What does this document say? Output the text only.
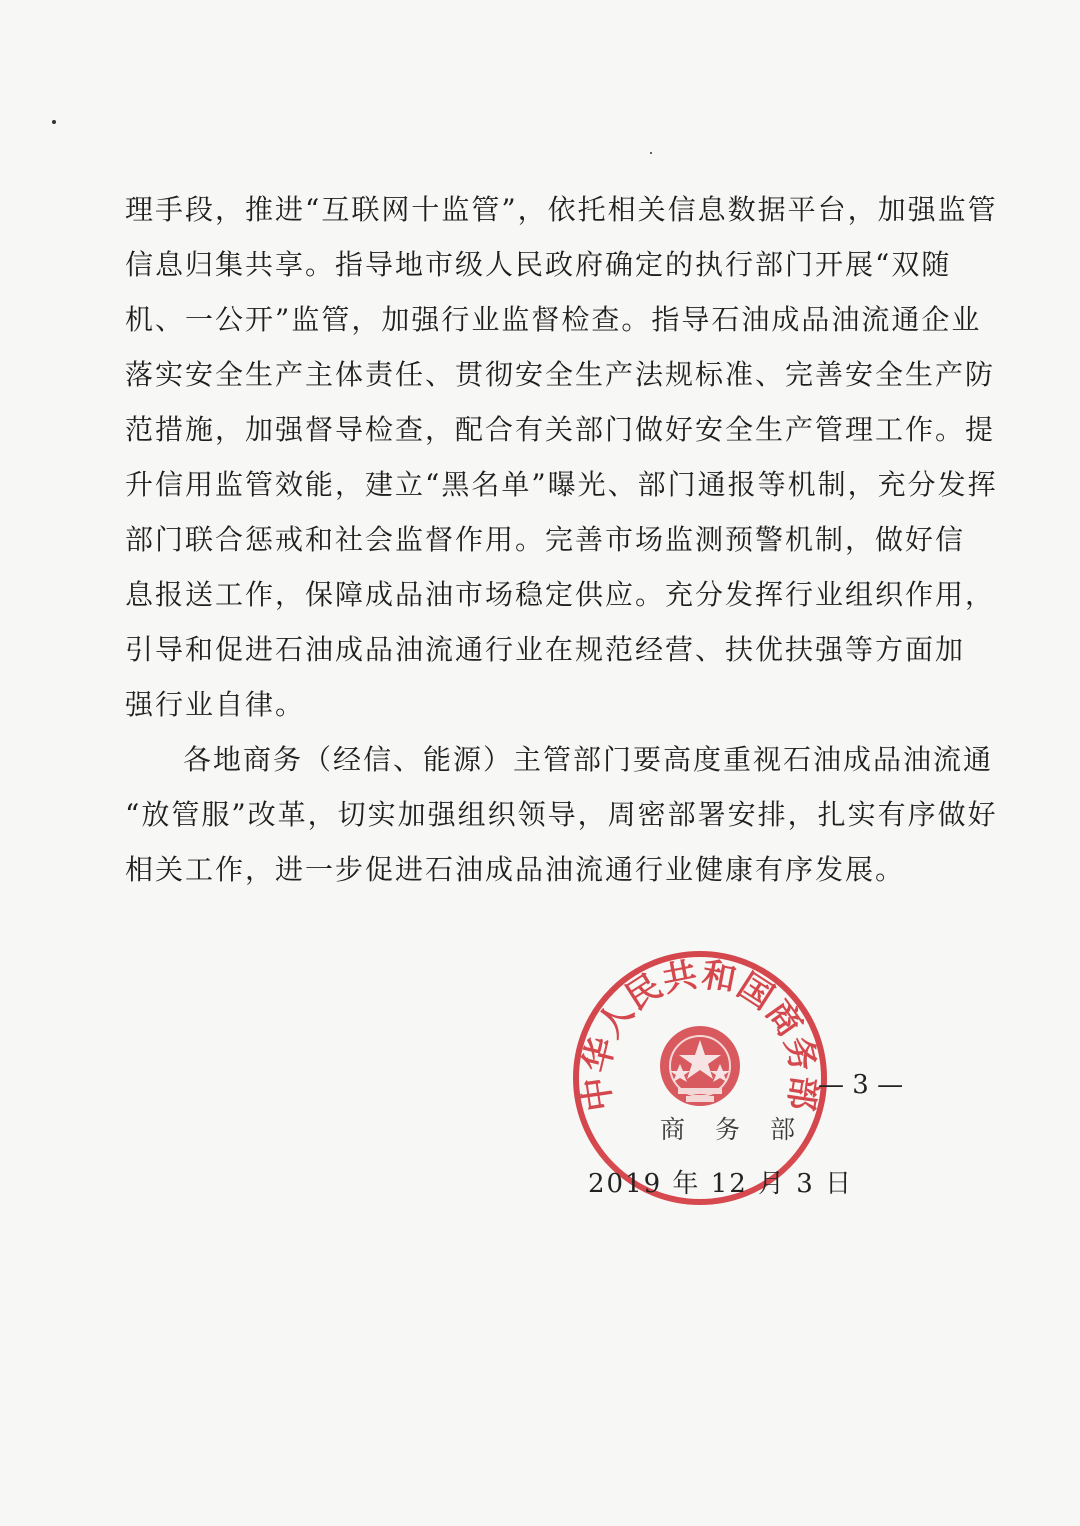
理手段，推进“互联网十监管”，依托相关信息数据平台，加强监管
信息归集共享。指导地市级人民政府确定的执行部门开展“双随
机、一公开”监管，加强行业监督检查。指导石油成品油流通企业
落实安全生产主体责任、贯彻安全生产法规标准、完善安全生产防
范措施，加强督导检查，配合有关部门做好安全生产管理工作。提
升信用监管效能，建立“黑名单”曝光、部门通报等机制，充分发挥
部门联合惩戒和社会监督作用。完善市场监测预警机制，做好信
息报送工作，保障成品油市场稳定供应。充分发挥行业组织作用，
引导和促进石油成品油流通行业在规范经营、扶优扶强等方面加
强行业自律。
各地商务（经信、能源）主管部门要高度重视石油成品油流通
“放管服”改革，切实加强组织领导，周密部署安排，扎实有序做好
相关工作，进一步促进石油成品油流通行业健康有序发展。
中华人民共和国商务部
商务部
2019 年 12 月 3 日
— 3 —
